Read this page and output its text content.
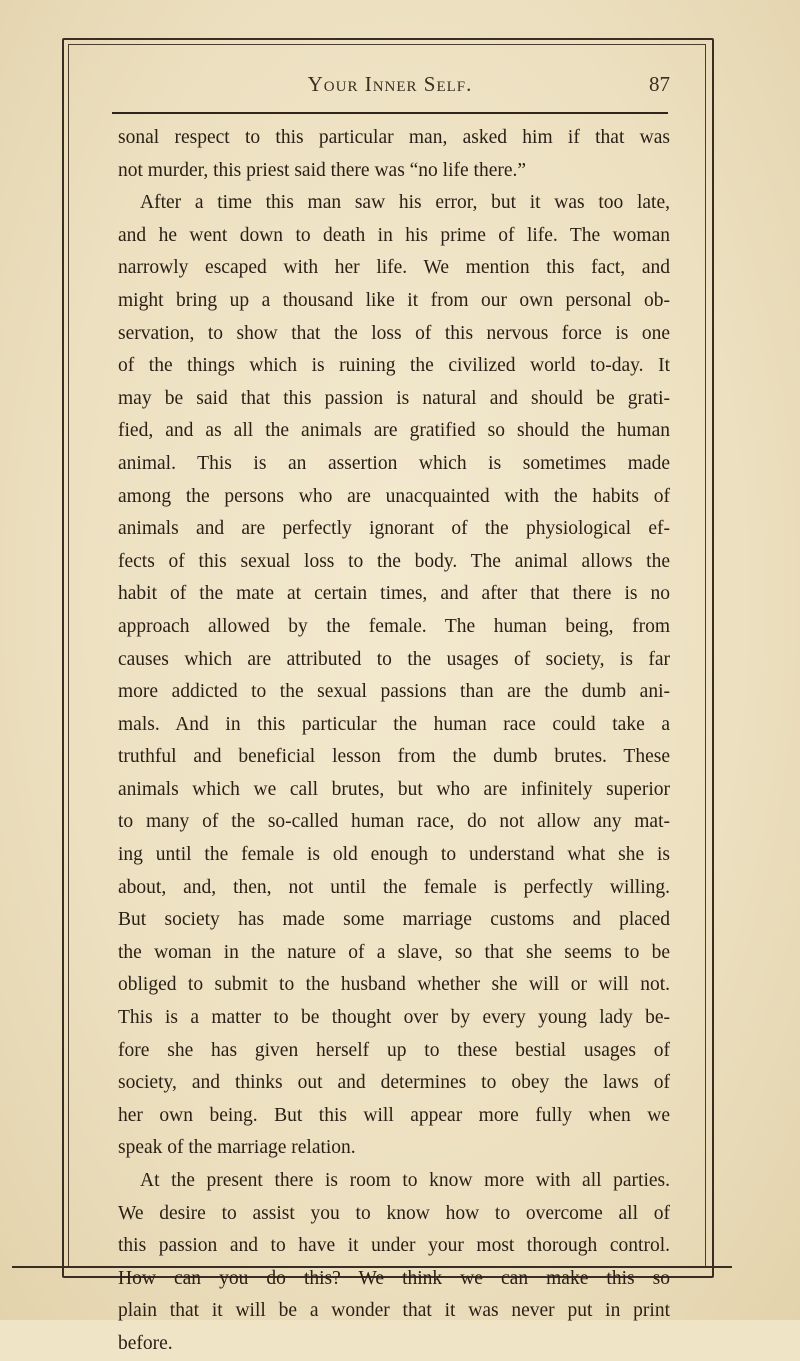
Your Inner Self.	87
sonal respect to this particular man, asked him if that was
not murder, this priest said there was “no life there.”
After a time this man saw his error, but it was too late,
and he went down to death in his prime of life. The woman
narrowly escaped with her life. We mention this fact, and
might bring up a thousand like it from our own personal ob-
servation, to show that the loss of this nervous force is one
of the things which is ruining the civilized world to-day. It
may be said that this passion is natural and should be grati-
fied, and as all the animals are gratified so should the human
animal. This is an assertion which is sometimes made
among the persons who are unacquainted with the habits of
animals and are perfectly ignorant of the physiological ef-
fects of this sexual loss to the body. The animal allows the
habit of the mate at certain times, and after that there is no
approach allowed by the female. The human being, from
causes which are attributed to the usages of society, is far
more addicted to the sexual passions than are the dumb ani-
mals. And in this particular the human race could take a
truthful and beneficial lesson from the dumb brutes. These
animals which we call brutes, but who are infinitely superior
to many of the so-called human race, do not allow any mat-
ing until the female is old enough to understand what she is
about, and, then, not until the female is perfectly willing.
But society has made some marriage customs and placed
the woman in the nature of a slave, so that she seems to be
obliged to submit to the husband whether she will or will not.
This is a matter to be thought over by every young lady be-
fore she has given herself up to these bestial usages of
society, and thinks out and determines to obey the laws of
her own being. But this will appear more fully when we
speak of the marriage relation.
At the present there is room to know more with all parties.
We desire to assist you to know how to overcome all of
this passion and to have it under your most thorough control.
How can you do this? We think we can make this so
plain that it will be a wonder that it was never put in print
before.
